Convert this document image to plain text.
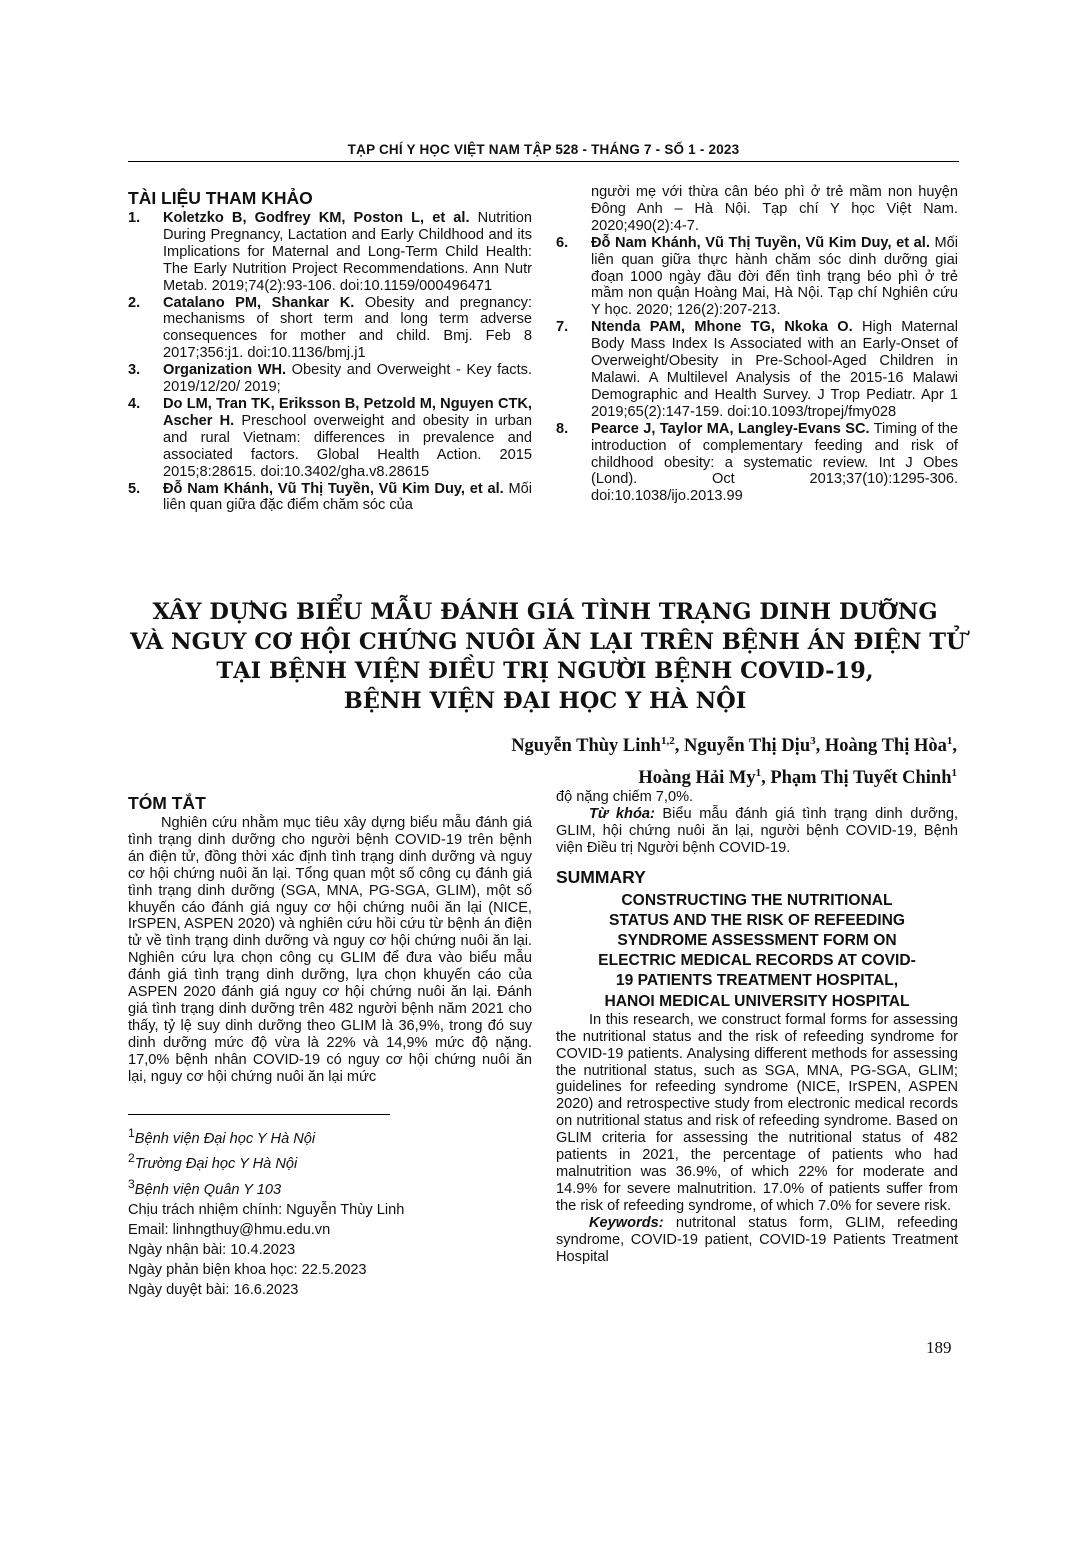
TẠP CHÍ Y HỌC VIỆT NAM TẬP 528 - THÁNG 7 - SỐ 1 - 2023
TÀI LIỆU THAM KHẢO
1. Koletzko B, Godfrey KM, Poston L, et al. Nutrition During Pregnancy, Lactation and Early Childhood and its Implications for Maternal and Long-Term Child Health: The Early Nutrition Project Recommendations. Ann Nutr Metab. 2019;74(2):93-106. doi:10.1159/000496471
2. Catalano PM, Shankar K. Obesity and pregnancy: mechanisms of short term and long term adverse consequences for mother and child. Bmj. Feb 8 2017;356:j1. doi:10.1136/bmj.j1
3. Organization WH. Obesity and Overweight - Key facts. 2019/12/20/ 2019;
4. Do LM, Tran TK, Eriksson B, Petzold M, Nguyen CTK, Ascher H. Preschool overweight and obesity in urban and rural Vietnam: differences in prevalence and associated factors. Global Health Action. 2015 2015;8:28615. doi:10.3402/gha.v8.28615
5. Đỗ Nam Khánh, Vũ Thị Tuyền, Vũ Kim Duy, et al. Mối liên quan giữa đặc điểm chăm sóc của
người mẹ với thừa cân béo phì ở trẻ mầm non huyện Đông Anh – Hà Nội. Tạp chí Y học Việt Nam. 2020;490(2):4-7.
6. Đỗ Nam Khánh, Vũ Thị Tuyền, Vũ Kim Duy, et al. Mối liên quan giữa thực hành chăm sóc dinh dưỡng giai đoạn 1000 ngày đầu đời đến tình trạng béo phì ở trẻ mầm non quận Hoàng Mai, Hà Nội. Tạp chí Nghiên cứu Y học. 2020; 126(2):207-213.
7. Ntenda PAM, Mhone TG, Nkoka O. High Maternal Body Mass Index Is Associated with an Early-Onset of Overweight/Obesity in Pre-School-Aged Children in Malawi. A Multilevel Analysis of the 2015-16 Malawi Demographic and Health Survey. J Trop Pediatr. Apr 1 2019;65(2):147-159. doi:10.1093/tropej/fmy028
8. Pearce J, Taylor MA, Langley-Evans SC. Timing of the introduction of complementary feeding and risk of childhood obesity: a systematic review. Int J Obes (Lond). Oct 2013;37(10):1295-306. doi:10.1038/ijo.2013.99
XÂY DỰNG BIỂU MẪU ĐÁNH GIÁ TÌNH TRẠNG DINH DƯỠNG
VÀ NGUY CƠ HỘI CHỨNG NUÔI ĂN LẠI TRÊN BỆNH ÁN ĐIỆN TỬ
TẠI BỆNH VIỆN ĐIỀU TRỊ NGƯỜI BỆNH COVID-19,
BỆNH VIỆN ĐẠI HỌC Y HÀ NỘI
Nguyễn Thùy Linh$^{1,2}$, Nguyễn Thị Dịu$^3$, Hoàng Thị Hòa$^1$,
Hoàng Hải My$^1$, Phạm Thị Tuyết Chinh$^1$
TÓM TẮT

Nghiên cứu nhằm mục tiêu xây dựng biểu mẫu đánh giá tình trạng dinh dưỡng cho người bệnh COVID-19 trên bệnh án điện tử, đồng thời xác định tình trạng dinh dưỡng và nguy cơ hội chứng nuôi ăn lại. Tổng quan một số công cụ đánh giá tình trạng dinh dưỡng (SGA, MNA, PG-SGA, GLIM), một số khuyến cáo đánh giá nguy cơ hội chứng nuôi ăn lại (NICE, IrSPEN, ASPEN 2020) và nghiên cứu hồi cứu từ bệnh án điện tử về tình trạng dinh dưỡng và nguy cơ hội chứng nuôi ăn lại. Nghiên cứu lựa chọn công cụ GLIM để đưa vào biểu mẫu đánh giá tình trạng dinh dưỡng, lựa chọn khuyến cáo của ASPEN 2020 đánh giá nguy cơ hội chứng nuôi ăn lại. Đánh giá tình trạng dinh dưỡng trên 482 người bệnh năm 2021 cho thấy, tỷ lệ suy dinh dưỡng theo GLIM là 36,9%, trong đó suy dinh dưỡng mức độ vừa là 22% và 14,9% mức độ nặng. 17,0% bệnh nhân COVID-19 có nguy cơ hội chứng nuôi ăn lại, nguy cơ hội chứng nuôi ăn lại mức

$^1$Bệnh viện Đại học Y Hà Nội

$^2$Trường Đại học Y Hà Nội

$^3$Bệnh viện Quân Y 103

Chịu trách nhiệm chính: Nguyễn Thùy Linh

Email: linhngthuy@hmu.edu.vn

Ngày nhận bài: 10.4.2023

Ngày phản biện khoa học: 22.5.2023

Ngày duyệt bài: 16.6.2023

độ nặng chiếm 7,0%.

Từ khóa: Biểu mẫu đánh giá tình trạng dinh dưỡng, GLIM, hội chứng nuôi ăn lại, người bệnh COVID-19, Bệnh viện Điều trị Người bệnh COVID-19.

SUMMARY
CONSTRUCTING THE NUTRITIONAL
STATUS AND THE RISK OF REFEEDING
SYNDROME ASSESSMENT FORM ON
ELECTRIC MEDICAL RECORDS AT COVID-
19 PATIENTS TREATMENT HOSPITAL,
HANOI MEDICAL UNIVERSITY HOSPITAL

In this research, we construct formal forms for assessing the nutritional status and the risk of refeeding syndrome for COVID-19 patients. Analysing different methods for assessing the nutritional status, such as SGA, MNA, PG-SGA, GLIM; guidelines for refeeding syndrome (NICE, IrSPEN, ASPEN 2020) and retrospective study from electronic medical records on nutritional status and risk of refeeding syndrome. Based on GLIM criteria for assessing the nutritional status of 482 patients in 2021, the percentage of patients who had malnutrition was 36.9%, of which 22% for moderate and 14.9% for severe malnutrition. 17.0% of patients suffer from the risk of refeeding syndrome, of which 7.0% for severe risk.

Keywords: nutritonal status form, GLIM, refeeding syndrome, COVID-19 patient, COVID-19 Patients Treatment Hospital

189
